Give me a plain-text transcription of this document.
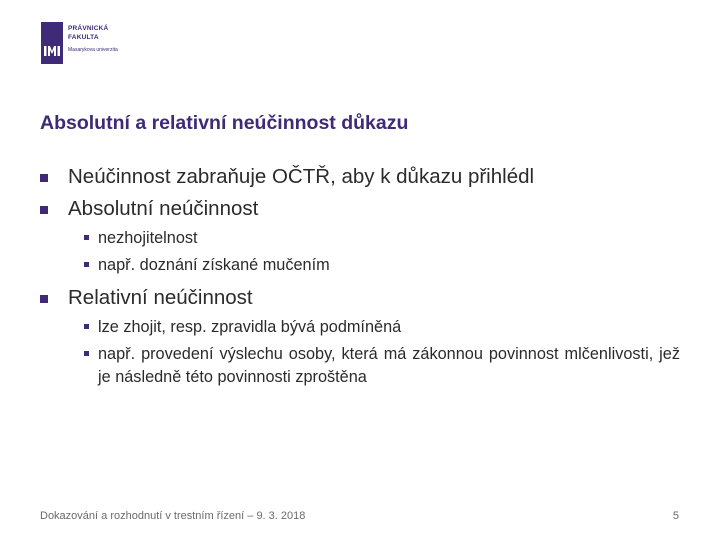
PRÁVNICKÁ
FAKULTA
Masarykova univerzita
Absolutní a relativní neúčinnost důkazu
Neúčinnost zabraňuje OČTŘ, aby k důkazu přihlédl
Absolutní neúčinnost
nezhojitelnost
např. doznání získané mučením
Relativní neúčinnost
lze zhojit, resp. zpravidla bývá podmíněná
např. provedení výslechu osoby, která má zákonnou povinnost mlčenlivosti, jež je následně této povinnosti zproštěna
Dokazování a rozhodnutí v trestním řízení – 9. 3. 2018	5
